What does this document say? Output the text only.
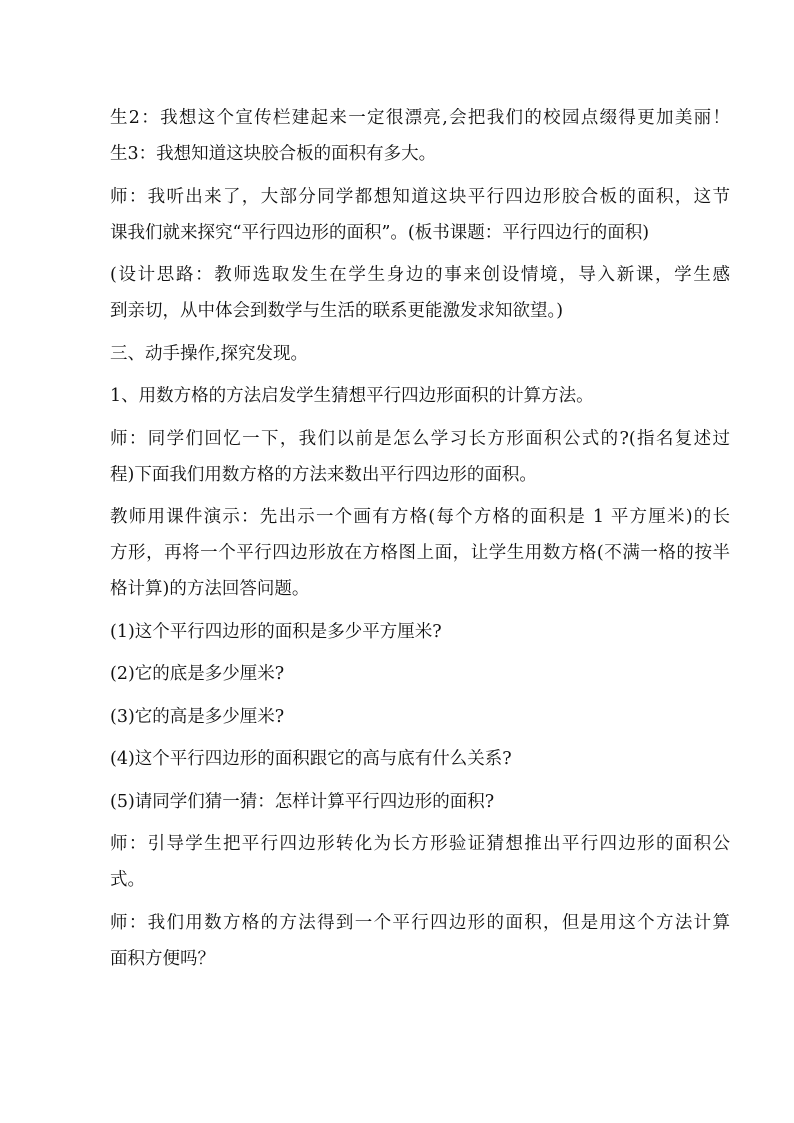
生2：我想这个宣传栏建起来一定很漂亮,会把我们的校园点缀得更加美丽！
生3：我想知道这块胶合板的面积有多大。
师：我听出来了，大部分同学都想知道这块平行四边形胶合板的面积，这节
课我们就来探究“平行四边形的面积”。(板书课题：平行四边行的面积)
(设计思路：教师选取发生在学生身边的事来创设情境，导入新课，学生感
到亲切，从中体会到数学与生活的联系更能激发求知欲望。)
三、动手操作,探究发现。
1、用数方格的方法启发学生猜想平行四边形面积的计算方法。
师：同学们回忆一下，我们以前是怎么学习长方形面积公式的?(指名复述过
程)下面我们用数方格的方法来数出平行四边形的面积。
教师用课件演示：先出示一个画有方格(每个方格的面积是 1 平方厘米)的长
方形，再将一个平行四边形放在方格图上面，让学生用数方格(不满一格的按半
格计算)的方法回答问题。
(1)这个平行四边形的面积是多少平方厘米?
(2)它的底是多少厘米?
(3)它的高是多少厘米?
(4)这个平行四边形的面积跟它的高与底有什么关系?
(5)请同学们猜一猜：怎样计算平行四边形的面积?
师：引导学生把平行四边形转化为长方形验证猜想推出平行四边形的面积公
式。
师：我们用数方格的方法得到一个平行四边形的面积，但是用这个方法计算
面积方便吗？
